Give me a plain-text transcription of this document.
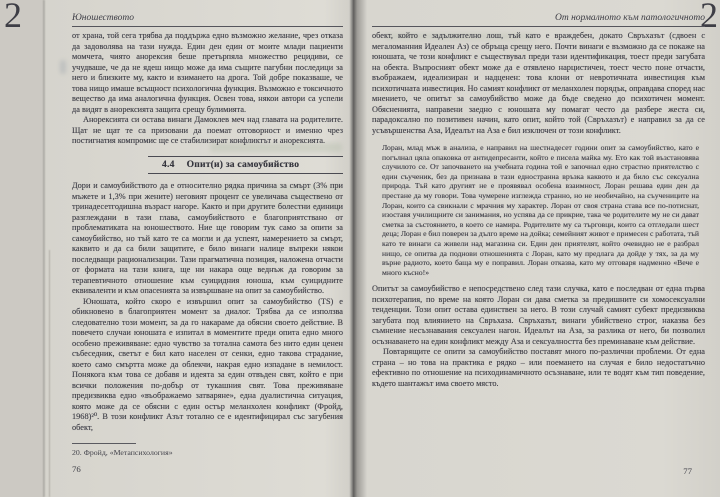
2	Юношеството

от храна, той сега трябва да поддържа едно възможно желание, чрез отказа да задоволява на тази нужда. Един ден един от моите млади пациенти момчета, чиято анорексия беше претърпяла множество рецидиви, се учудваше, че да не ядеш нищо може да има същите пагубни последици за него и близките му, както и взимането на дрога. Той добре показваше, че това нищо имаше всъщност психологична функция. Възможно е токсичното вещество да има аналогична функция. Освен това, някои автори са успели да видят в анорексията защита срещу булимията.

Анорексията си остава винаги Дамоклев меч над главата на родителите. Щат не щат те са призовани да поемат отговорност и именно чрез постигнатия компромис ще се стабилизират конфликтът и анорексията.

4.4 Опит(и) за самоубийство

Дори и самоубийството да е относително рядка причина за смърт (3% при мъжете и 1,3% при жените) неговият процент се увеличава съществено от тринадесетгодишна възраст нагоре. Както и при другите болестни единици разглеждани в тази глава, самоубийството е благоприятствано от проблематиката на юношеството. Ние ще говорим тук само за опити за самоубийство, но тъй като те са могли и да успеят, намерението за смърт, каквито и да са били защитите, е било винаги налице въпреки някои последващи рационализации. Тази прагматична позиция, наложена отчасти от формата на тази книга, ще ни накара още веднъж да говорим за терапевтичното отношение към суицидния юноша, към суицидните еквиваленти и към опасенията за извършване на опит за самоубийство.

Юношата, който скоро е извършил опит за самоубийство (TS) е обикновено в благоприятен момент за диалог. Трябва да се използва следователно този момент, за да го накараме да обясни своето действие. В повечето случаи юношата е изпитал в моментите преди опита едно много особено преживяване: едно чувство за тотална самота без нито един ценен събеседник, светът е бил като населен от сенки, едно такова страдание, което само смъртта може да облекчи, накрая едно изпадане в немилост. Понякога към това се добавя и идеята за един отвъден свят, който е при всички положения по-добър от тукашния свят. Това преживяване предизвиква едно «въображаемо затваряне», една дуалистична ситуация, която може да се обясни с един остър меланхолен конфликт (Фройд, 1968)²⁰. В този конфликт Азът тотално се е идентифицирал със загубения обект,

20. Фройд, «Метапсихология»
76
2
От нормалното към патологичното

обект, който е задължително лош, тъй като е враждебен, докато Свръхазът (сдвоен с мегаломанния Идеален Аз) се обръща срещу него. Почти винаги е възможно да се покаже на юношата, че този конфликт е съществувал преди тази идентификация, тоест преди загубата на обекта. Въпросният обект може да е отявлено нарцистичен, тоест често поне отчасти, въображаем, идеализиран и надценен: това клони от невротичната инвестиция към психотичната инвестиция. Но самият конфликт от меланхолен порядък, оправдава според нас мнението, че опитът за самоубийство може да бъде сведено до психотичен момент. Обясненията, направени заедно с юношата му помагат често да разбере жеста си, парадоксално по позитивен начин, като опит, който той (Свръхазът) е направил за да се усъвършенства Аза, Идеалът на Аза е бил изключен от този конфликт.

Лоран, млад мъж в анализа, е направил на шестнадесет години опит за самоубийство, като е погълнал цяла опаковка от антидепресанти, който е писела майка му. Ето как той възстановява случилото се. От започването на учебната година той е започнал едно страстно приятелство с един съученик, без да признава в тази едностранна връзка каквото и да било със сексуална природа. Тъй като другият не е проявявал особена взаимност, Лоран решава един ден да престане да му говори. Това чумерене изглежда странно, но не необичайно, на съучениците на Лоран, които са свикнали с мрачния му характер. Лоран от своя страна става все по-потиснат, изоставя училищните си занимания, но успява да се прикрие, така че родителите му не си дават сметка за състоянието, в което се намира. Родителите му са търговци, които са отгледали шест деца; Лоран е бил поверен за дълго време на дойка; семейният живот е примесен с работата, тъй като те винаги са живели над магазина си. Един ден приятелят, който очевидно не е разбрал нищо, се опитва да поднови отношенията с Лоран, като му предлага да дойде у тях, за да му върне радиото, което баща му е поправил. Лоран отказва, като му отговаря надменно «Вече е много късно!»

Опитът за самоубийство е непосредствено след тази случка, като е последван от една първа психотерапия, по време на която Лоран си дава сметка за предишните си хомосексуални тенденции. Този опит остава единствен за него. В този случай самият субект предизвиква загубата под влиянието на Свръхаза. Свръхазът, винаги убийствено строг, наказва без съмнение несъзнавания сексуален нагон. Идеалът на Аза, за разлика от него, би позволил осъзнаването на един конфликт между Аза и сексуалността без преминаване към действие.

Повтарящите се опити за самоубийство поставят много по-различни проблеми. От една страна – но това на практика е рядко – или поемането на случая е било недостатъчно ефективно по отношение на психодинамичното осъзнаване, или те водят към тип поведение, където шантажът има своето място.

77
